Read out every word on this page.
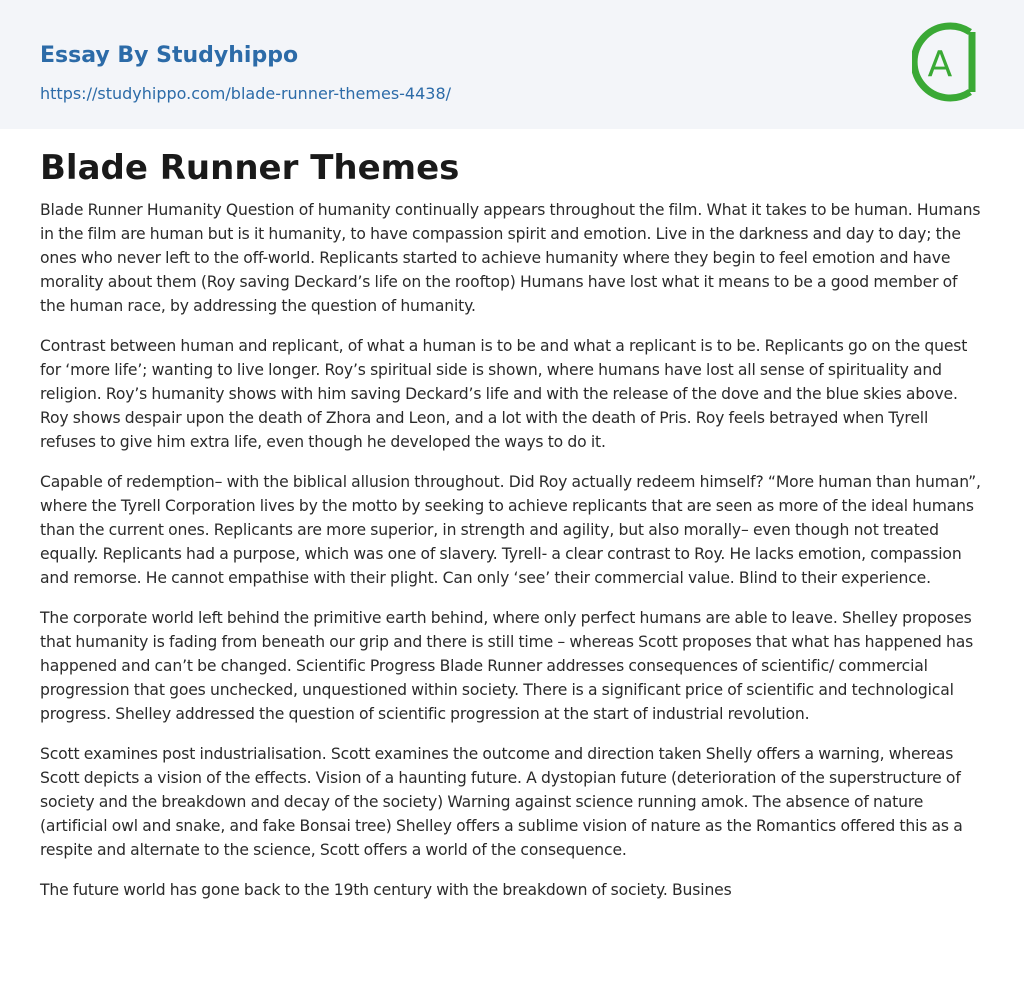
Essay By Studyhippo
https://studyhippo.com/blade-runner-themes-4438/
A
Blade Runner Themes

Blade Runner Humanity Question of humanity continually appears throughout the film. What it takes to be human. Humans in the film are human but is it humanity, to have compassion spirit and emotion. Live in the darkness and day to day; the ones who never left to the off-world. Replicants started to achieve humanity where they begin to feel emotion and have morality about them (Roy saving Deckard’s life on the rooftop) Humans have lost what it means to be a good member of the human race, by addressing the question of humanity.

Contrast between human and replicant, of what a human is to be and what a replicant is to be. Replicants go on the quest for ‘more life’; wanting to live longer. Roy’s spiritual side is shown, where humans have lost all sense of spirituality and religion. Roy’s humanity shows with him saving Deckard’s life and with the release of the dove and the blue skies above. Roy shows despair upon the death of Zhora and Leon, and a lot with the death of Pris. Roy feels betrayed when Tyrell refuses to give him extra life, even though he developed the ways to do it.

Capable of redemption– with the biblical allusion throughout. Did Roy actually redeem himself? “More human than human”, where the Tyrell Corporation lives by the motto by seeking to achieve replicants that are seen as more of the ideal humans than the current ones. Replicants are more superior, in strength and agility, but also morally– even though not treated equally. Replicants had a purpose, which was one of slavery. Tyrell- a clear contrast to Roy. He lacks emotion, compassion and remorse. He cannot empathise with their plight. Can only ‘see’ their commercial value. Blind to their experience.

The corporate world left behind the primitive earth behind, where only perfect humans are able to leave. Shelley proposes that humanity is fading from beneath our grip and there is still time – whereas Scott proposes that what has happened has happened and can’t be changed. Scientific Progress Blade Runner addresses consequences of scientific/ commercial progression that goes unchecked, unquestioned within society. There is a significant price of scientific and technological progress. Shelley addressed the question of scientific progression at the start of industrial revolution.

Scott examines post industrialisation. Scott examines the outcome and direction taken Shelly offers a warning, whereas Scott depicts a vision of the effects. Vision of a haunting future. A dystopian future (deterioration of the superstructure of society and the breakdown and decay of the society) Warning against science running amok. The absence of nature (artificial owl and snake, and fake Bonsai tree) Shelley offers a sublime vision of nature as the Romantics offered this as a respite and alternate to the science, Scott offers a world of the consequence.

The future world has gone back to the 19th century with the breakdown of society. Busines
